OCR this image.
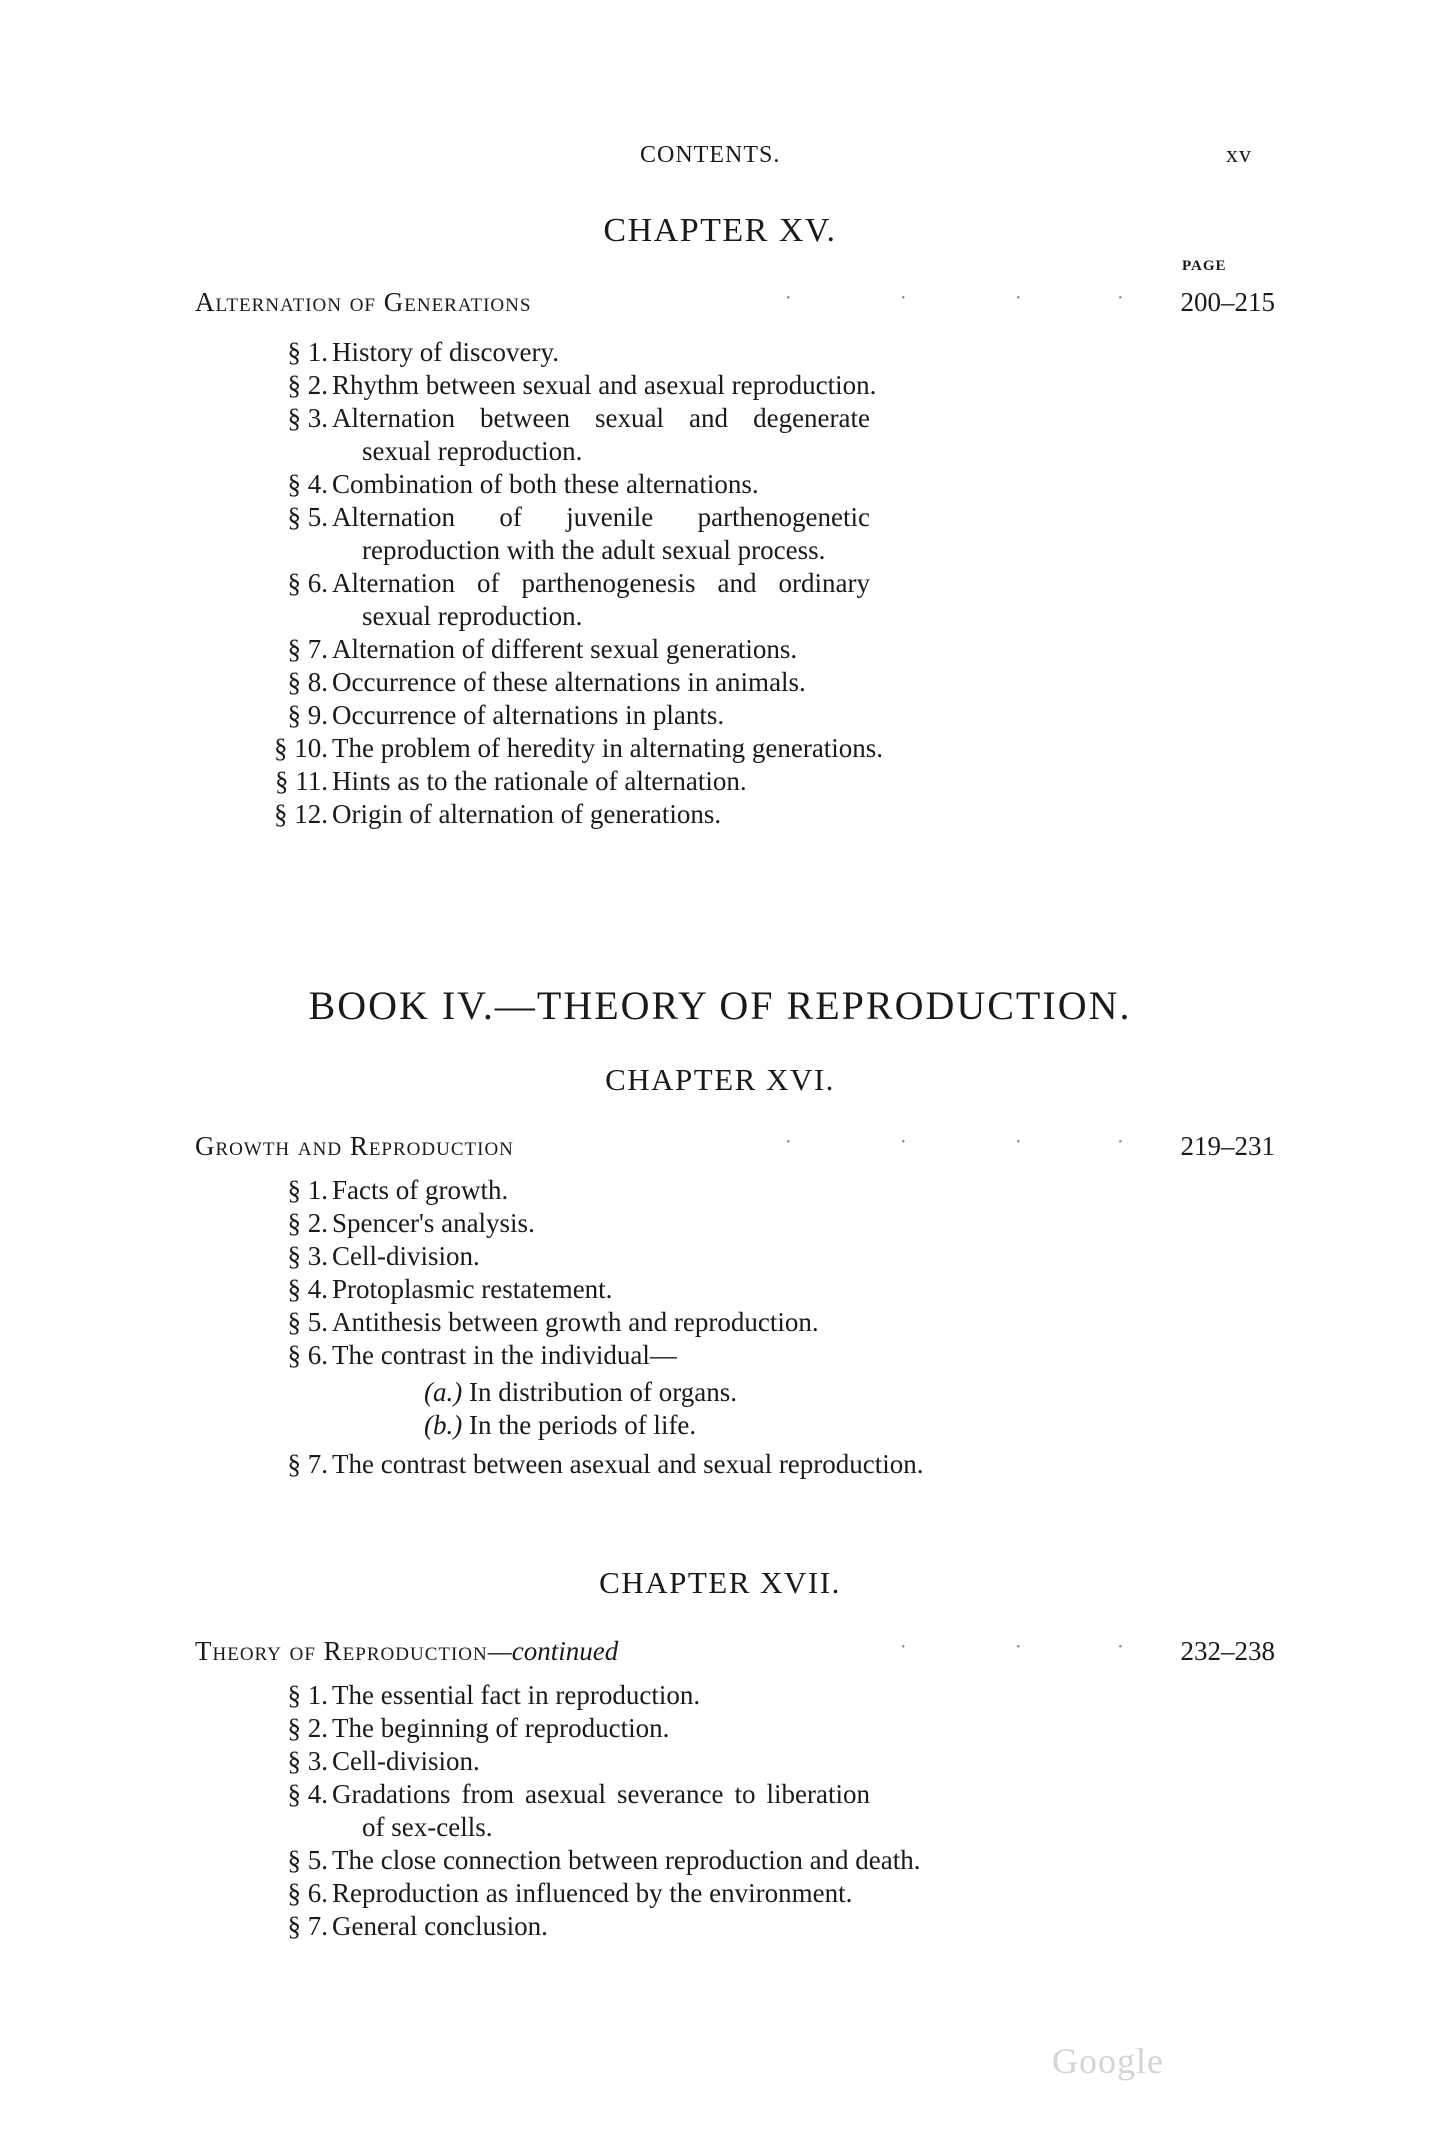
CONTENTS.	xv
CHAPTER XV.
PAGE
Alternation of Generations	·	·	·	· 200–215
§ 1. History of discovery.
§ 2. Rhythm between sexual and asexual reproduction.
§ 3. Alternation between sexual and degenerate sexual reproduction.
§ 4. Combination of both these alternations.
§ 5. Alternation of juvenile parthenogenetic reproduction with the adult sexual process.
§ 6. Alternation of parthenogenesis and ordinary sexual reproduction.
§ 7. Alternation of different sexual generations.
§ 8. Occurrence of these alternations in animals.
§ 9. Occurrence of alternations in plants.
§ 10. The problem of heredity in alternating generations.
§ 11. Hints as to the rationale of alternation.
§ 12. Origin of alternation of generations.
BOOK IV.—THEORY OF REPRODUCTION.
CHAPTER XVI.
Growth and Reproduction	·	·	·	· 219–231
§ 1. Facts of growth.
§ 2. Spencer's analysis.
§ 3. Cell-division.
§ 4. Protoplasmic restatement.
§ 5. Antithesis between growth and reproduction.
§ 6. The contrast in the individual—
(a.) In distribution of organs.
(b.) In the periods of life.
§ 7. The contrast between asexual and sexual reproduction.
CHAPTER XVII.
Theory of Reproduction—continued	·	·	· 232–238
§ 1. The essential fact in reproduction.
§ 2. The beginning of reproduction.
§ 3. Cell-division.
§ 4. Gradations from asexual severance to liberation of sex-cells.
§ 5. The close connection between reproduction and death.
§ 6. Reproduction as influenced by the environment.
§ 7. General conclusion.
Google
